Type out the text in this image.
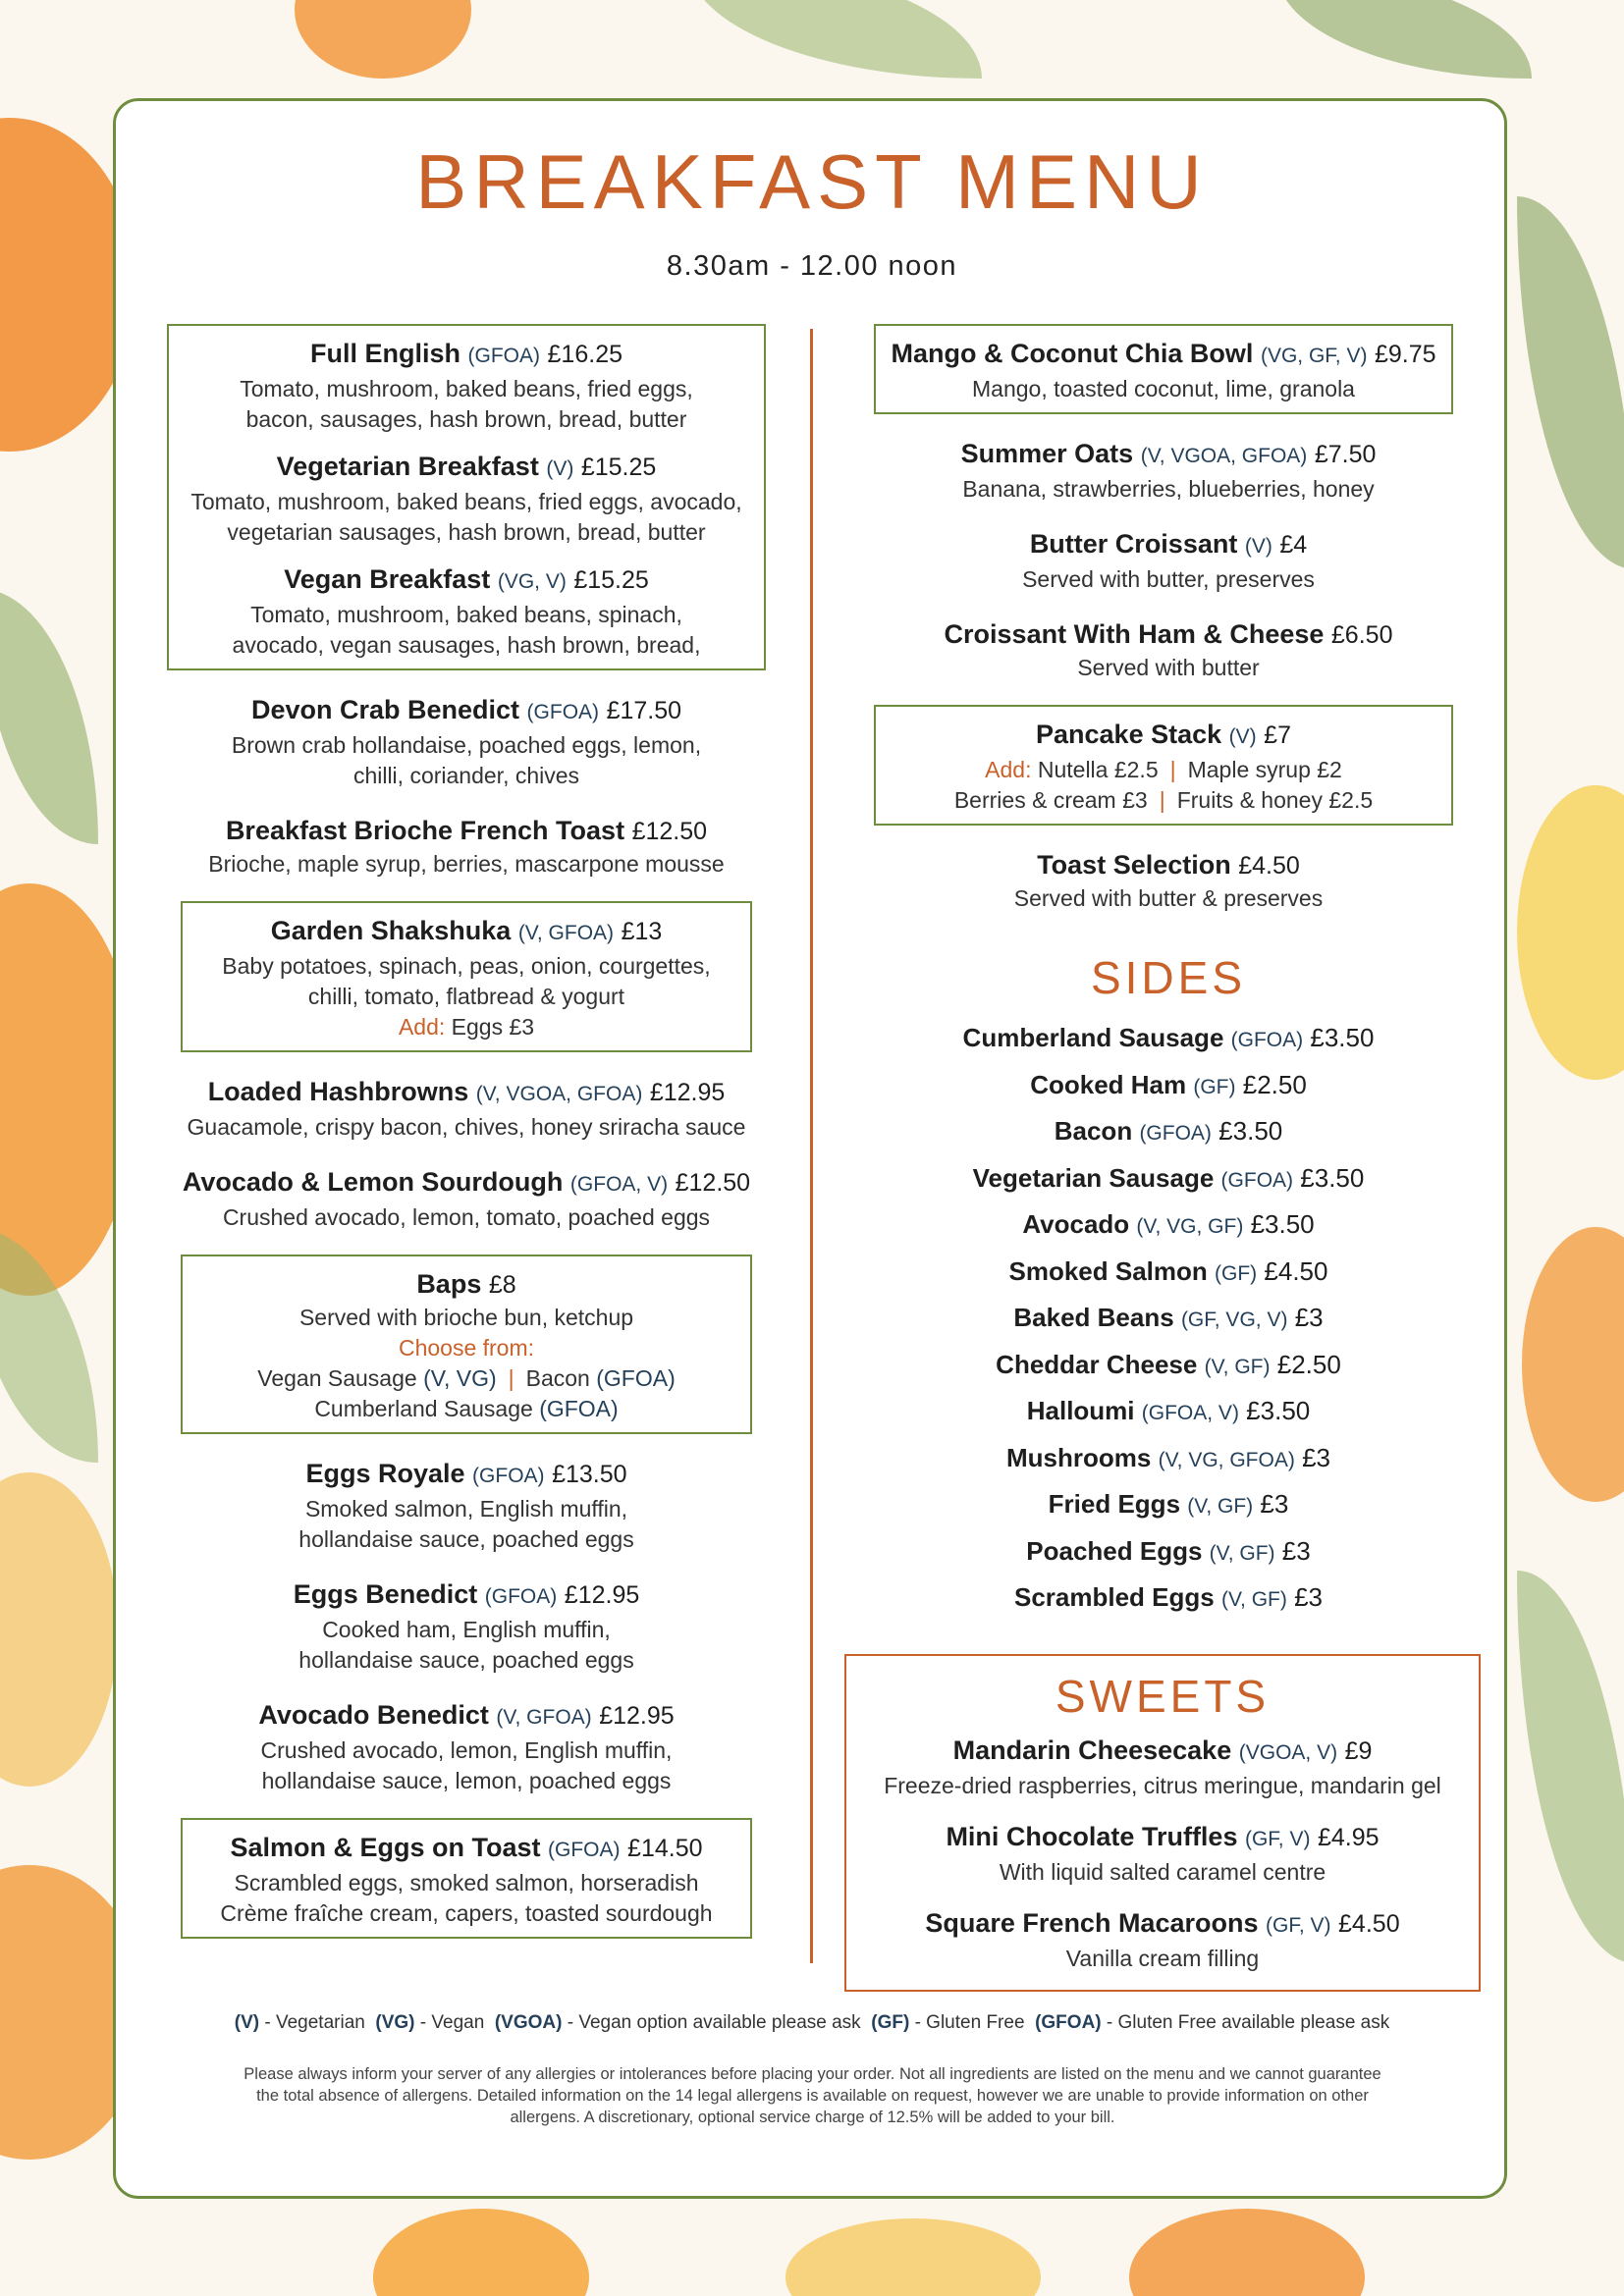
BREAKFAST MENU
8.30am - 12.00 noon
Full English (GFOA) £16.25
Tomato, mushroom, baked beans, fried eggs,
bacon, sausages, hash brown, bread, butter
Vegetarian Breakfast (V) £15.25
Tomato, mushroom, baked beans, fried eggs, avocado,
vegetarian sausages, hash brown, bread, butter
Vegan Breakfast (VG, V) £15.25
Tomato, mushroom, baked beans, spinach,
avocado, vegan sausages, hash brown, bread,
Devon Crab Benedict (GFOA) £17.50
Brown crab hollandaise, poached eggs, lemon,
chilli, coriander, chives
Breakfast Brioche French Toast £12.50
Brioche, maple syrup, berries, mascarpone mousse
Garden Shakshuka (V, GFOA) £13
Baby potatoes, spinach, peas, onion, courgettes,
chilli, tomato, flatbread & yogurt
Add: Eggs £3
Loaded Hashbrowns (V, VGOA, GFOA) £12.95
Guacamole, crispy bacon, chives, honey sriracha sauce
Avocado & Lemon Sourdough (GFOA, V) £12.50
Crushed avocado, lemon, tomato, poached eggs
Baps £8
Served with brioche bun, ketchup
Choose from:
Vegan Sausage (V, VG) | Bacon (GFOA)
Cumberland Sausage (GFOA)
Eggs Royale (GFOA) £13.50
Smoked salmon, English muffin,
hollandaise sauce, poached eggs
Eggs Benedict (GFOA) £12.95
Cooked ham, English muffin,
hollandaise sauce, poached eggs
Avocado Benedict (V, GFOA) £12.95
Crushed avocado, lemon, English muffin,
hollandaise sauce, lemon, poached eggs
Salmon & Eggs on Toast (GFOA) £14.50
Scrambled eggs, smoked salmon, horseradish
Crème fraîche cream, capers, toasted sourdough
Mango & Coconut Chia Bowl (VG, GF, V) £9.75
Mango, toasted coconut, lime, granola
Summer Oats (V, VGOA, GFOA) £7.50
Banana, strawberries, blueberries, honey
Butter Croissant (V) £4
Served with butter, preserves
Croissant With Ham & Cheese £6.50
Served with butter
Pancake Stack (V) £7
Add: Nutella £2.5 | Maple syrup £2
Berries & cream £3 | Fruits & honey £2.5
Toast Selection £4.50
Served with butter & preserves
SIDES
Cumberland Sausage (GFOA) £3.50
Cooked Ham (GF) £2.50
Bacon (GFOA) £3.50
Vegetarian Sausage (GFOA) £3.50
Avocado (V, VG, GF) £3.50
Smoked Salmon (GF) £4.50
Baked Beans (GF, VG, V) £3
Cheddar Cheese (V, GF) £2.50
Halloumi (GFOA, V) £3.50
Mushrooms (V, VG, GFOA) £3
Fried Eggs (V, GF) £3
Poached Eggs (V, GF) £3
Scrambled Eggs (V, GF) £3
SWEETS
Mandarin Cheesecake (VGOA, V) £9
Freeze-dried raspberries, citrus meringue, mandarin gel
Mini Chocolate Truffles (GF, V) £4.95
With liquid salted caramel centre
Square French Macaroons (GF, V) £4.50
Vanilla cream filling
(V) - Vegetarian (VG) - Vegan (VGOA) - Vegan option available please ask (GF) - Gluten Free (GFOA) - Gluten Free available please ask
Please always inform your server of any allergies or intolerances before placing your order. Not all ingredients are listed on the menu and we cannot guarantee the total absence of allergens. Detailed information on the 14 legal allergens is available on request, however we are unable to provide information on other allergens. A discretionary, optional service charge of 12.5% will be added to your bill.
